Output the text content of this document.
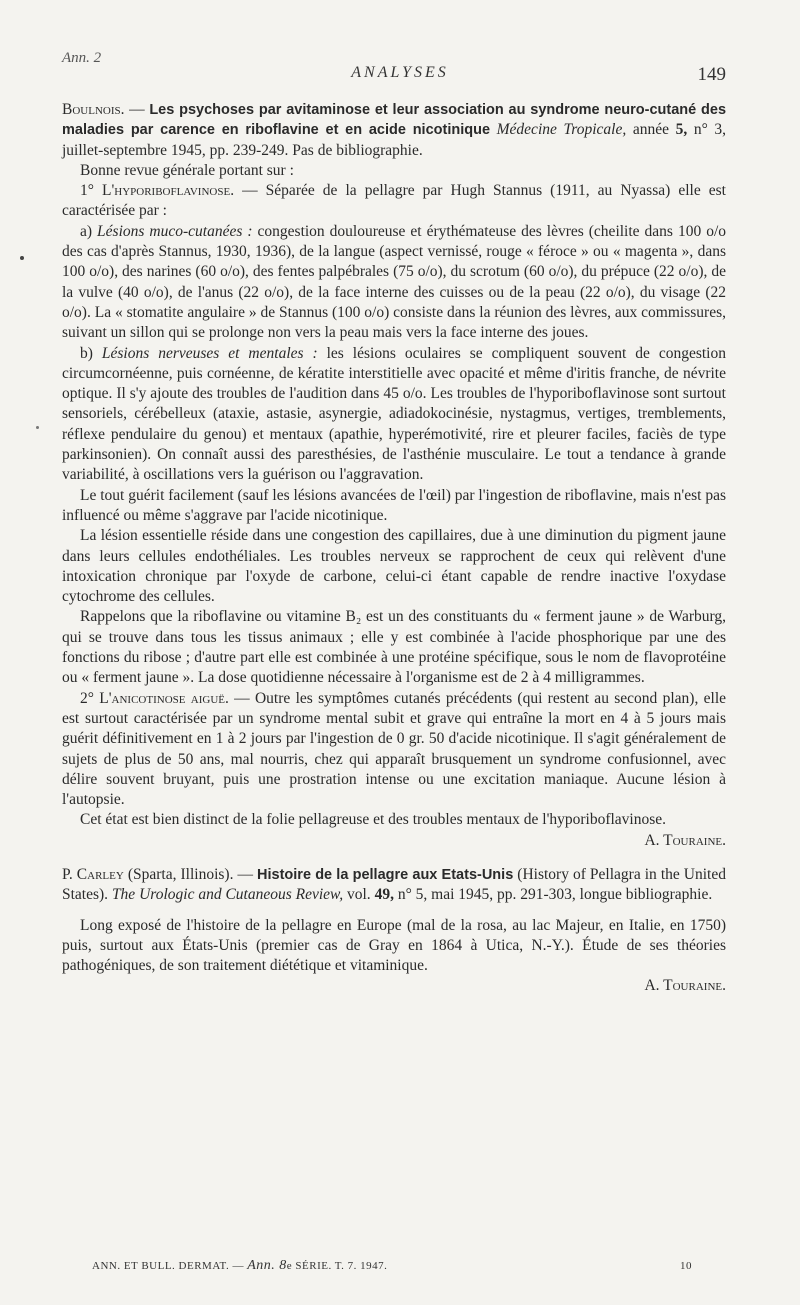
Ann. 2
ANALYSES	149

Boulnois. — Les psychoses par avitaminose et leur association au syndrome neuro-cutané des maladies par carence en riboflavine et en acide nicotinique Médecine Tropicale, année 5, n° 3, juillet-septembre 1945, pp. 239-249. Pas de bibliographie.

Bonne revue générale portant sur :

1° L'hyporiboflavinose. — Séparée de la pellagre par Hugh Stannus (1911, au Nyassa) elle est caractérisée par :

a) Lésions muco-cutanées : congestion douloureuse et érythémateuse des lèvres (cheilite dans 100 o/o des cas d'après Stannus, 1930, 1936), de la langue (aspect vernissé, rouge « féroce » ou « magenta », dans 100 o/o), des narines (60 o/o), des fentes palpébrales (75 o/o), du scrotum (60 o/o), du prépuce (22 o/o), de la vulve (40 o/o), de l'anus (22 o/o), de la face interne des cuisses ou de la peau (22 o/o), du visage (22 o/o). La « stomatite angulaire » de Stannus (100 o/o) consiste dans la réunion des lèvres, aux commissures, suivant un sillon qui se prolonge non vers la peau mais vers la face interne des joues.

b) Lésions nerveuses et mentales : les lésions oculaires se compliquent souvent de congestion circumcornéenne, puis cornéenne, de kératite interstitielle avec opacité et même d'iritis franche, de névrite optique. Il s'y ajoute des troubles de l'audition dans 45 o/o. Les troubles de l'hyporiboflavinose sont surtout sensoriels, cérébelleux (ataxie, astasie, asynergie, adiadokocinésie, nystagmus, vertiges, tremblements, réflexe pendulaire du genou) et mentaux (apathie, hyperémotivité, rire et pleurer faciles, faciès de type parkinsonien). On connaît aussi des paresthésies, de l'asthénie musculaire. Le tout a tendance à grande variabilité, à oscillations vers la guérison ou l'aggravation.

Le tout guérit facilement (sauf les lésions avancées de l'œil) par l'ingestion de riboflavine, mais n'est pas influencé ou même s'aggrave par l'acide nicotinique.

La lésion essentielle réside dans une congestion des capillaires, due à une diminution du pigment jaune dans leurs cellules endothéliales. Les troubles nerveux se rapprochent de ceux qui relèvent d'une intoxication chronique par l'oxyde de carbone, celui-ci étant capable de rendre inactive l'oxydase cytochrome des cellules.

Rappelons que la riboflavine ou vitamine B₂ est un des constituants du « ferment jaune » de Warburg, qui se trouve dans tous les tissus animaux ; elle y est combinée à l'acide phosphorique par une des fonctions du ribose ; d'autre part elle est combinée à une protéine spécifique, sous le nom de flavoprotéine ou « ferment jaune ». La dose quotidienne nécessaire à l'organisme est de 2 à 4 milligrammes.

2° L'anicotinose aiguë. — Outre les symptômes cutanés précédents (qui restent au second plan), elle est surtout caractérisée par un syndrome mental subit et grave qui entraîne la mort en 4 à 5 jours mais guérit définitivement en 1 à 2 jours par l'ingestion de 0 gr. 50 d'acide nicotinique. Il s'agit généralement de sujets de plus de 50 ans, mal nourris, chez qui apparaît brusquement un syndrome confusionnel, avec délire souvent bruyant, puis une prostration intense ou une excitation maniaque. Aucune lésion à l'autopsie.

Cet état est bien distinct de la folie pellagreuse et des troubles mentaux de l'hyporiboflavinose.

A. Touraine.

P. Carley (Sparta, Illinois). — Histoire de la pellagre aux Etats-Unis (History of Pellagra in the United States). The Urologic and Cutaneous Review, vol. 49, n° 5, mai 1945, pp. 291-303, longue bibliographie.

Long exposé de l'histoire de la pellagre en Europe (mal de la rosa, au lac Majeur, en Italie, en 1750) puis, surtout aux États-Unis (premier cas de Gray en 1864 à Utica, N.-Y.). Étude de ses théories pathogéniques, de son traitement diététique et vitaminique.

A. Touraine.

ANN. ET BULL. DERMAT. — Ann. 8e SÉRIE. T. 7. 1947.	10
